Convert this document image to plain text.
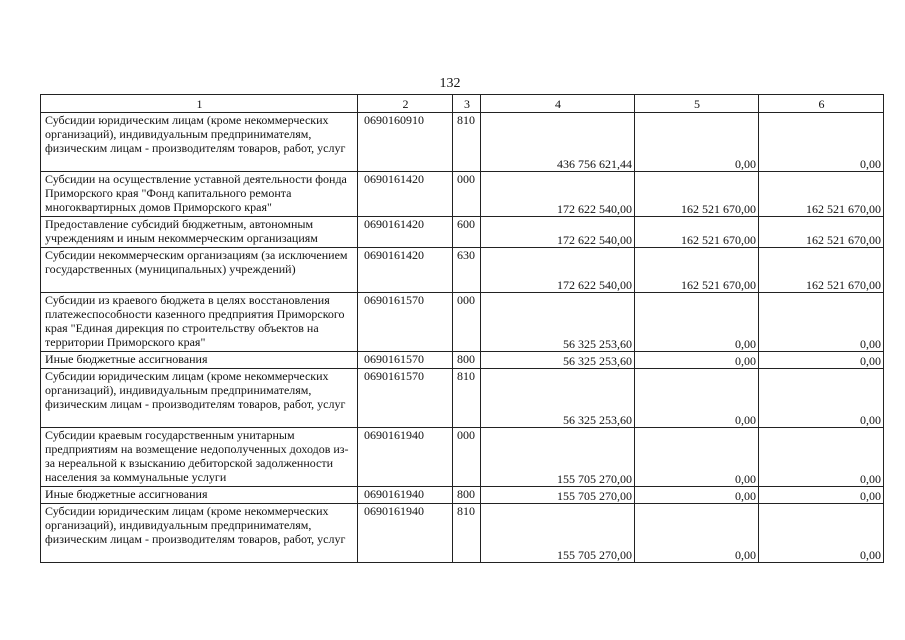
132
1	2	3	4	5	6
Субсидии юридическим лицам (кроме некоммерческих организаций), индивидуальным предпринимателям, физическим лицам - производителям товаров, работ, услуг	0690160910	810	436 756 621,44	0,00	0,00
Субсидии на осуществление уставной деятельности фонда Приморского края "Фонд капитального ремонта многоквартирных домов Приморского края"	0690161420	000	172 622 540,00	162 521 670,00	162 521 670,00
Предоставление субсидий бюджетным, автономным учреждениям и иным некоммерческим организациям	0690161420	600	172 622 540,00	162 521 670,00	162 521 670,00
Субсидии некоммерческим организациям (за исключением государственных (муниципальных) учреждений)	0690161420	630	172 622 540,00	162 521 670,00	162 521 670,00
Субсидии из краевого бюджета в целях восстановления платежеспособности казенного предприятия Приморского края "Единая дирекция по строительству объектов на территории Приморского края"	0690161570	000	56 325 253,60	0,00	0,00
Иные бюджетные ассигнования	0690161570	800	56 325 253,60	0,00	0,00
Субсидии юридическим лицам (кроме некоммерческих организаций), индивидуальным предпринимателям, физическим лицам - производителям товаров, работ, услуг	0690161570	810	56 325 253,60	0,00	0,00
Субсидии краевым государственным унитарным предприятиям на возмещение недополученных доходов из-за нереальной к взысканию дебиторской задолженности населения за коммунальные услуги	0690161940	000	155 705 270,00	0,00	0,00
Иные бюджетные ассигнования	0690161940	800	155 705 270,00	0,00	0,00
Субсидии юридическим лицам (кроме некоммерческих организаций), индивидуальным предпринимателям, физическим лицам - производителям товаров, работ, услуг	0690161940	810	155 705 270,00	0,00	0,00
